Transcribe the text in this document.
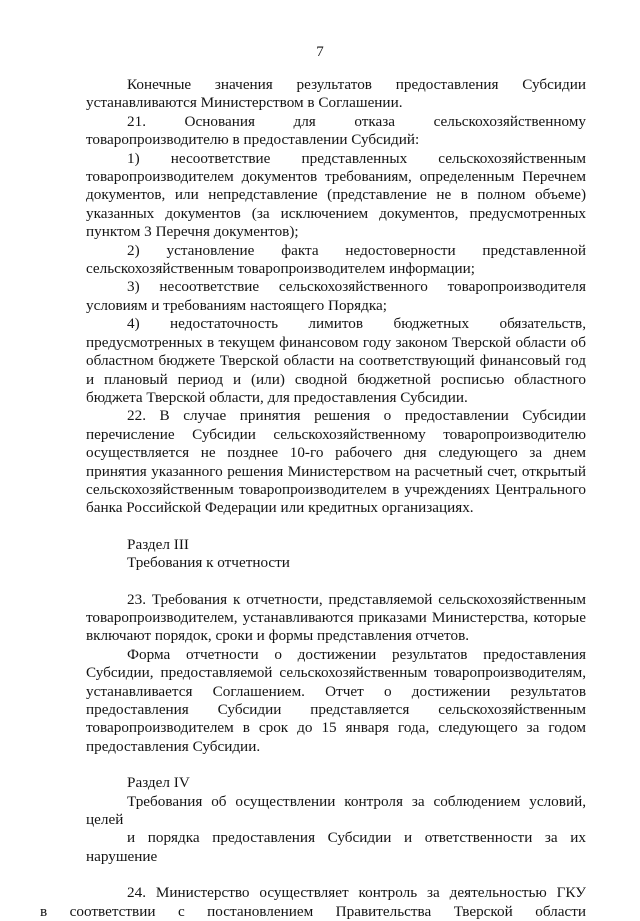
7

Конечные значения результатов предоставления Субсидии устанавливаются Министерством в Соглашении.

21. Основания для отказа сельскохозяйственному товаропроизводителю в предоставлении Субсидий:

1) несоответствие представленных сельскохозяйственным товаропроизводителем документов требованиям, определенным Перечнем документов, или непредставление (представление не в полном объеме) указанных документов (за исключением документов, предусмотренных пунктом 3 Перечня документов);

2) установление факта недостоверности представленной сельскохозяйственным товаропроизводителем информации;

3) несоответствие сельскохозяйственного товаропроизводителя условиям и требованиям настоящего Порядка;

4) недостаточность лимитов бюджетных обязательств, предусмотренных в текущем финансовом году законом Тверской области об областном бюджете Тверской области на соответствующий финансовый год и плановый период и (или) сводной бюджетной росписью областного бюджета Тверской области, для предоставления Субсидии.

22. В случае принятия решения о предоставлении Субсидии перечисление Субсидии сельскохозяйственному товаропроизводителю осуществляется не позднее 10-го рабочего дня следующего за днем принятия указанного решения Министерством на расчетный счет, открытый сельскохозяйственным товаропроизводителем в учреждениях Центрального банка Российской Федерации или кредитных организациях.

Раздел III

Требования к отчетности

23. Требования к отчетности, представляемой сельскохозяйственным товаропроизводителем, устанавливаются приказами Министерства, которые включают порядок, сроки и формы представления отчетов.

Форма отчетности о достижении результатов предоставления Субсидии, предоставляемой сельскохозяйственным товаропроизводителям, устанавливается Соглашением. Отчет о достижении результатов предоставления Субсидии представляется сельскохозяйственным товаропроизводителем в срок до 15 января года, следующего за годом предоставления Субсидии.

Раздел IV

Требования об осуществлении контроля за соблюдением условий, целей

и порядка предоставления Субсидии и ответственности за их нарушение

24. Министерство осуществляет контроль за деятельностью ГКУ

в соответствии с постановлением Правительства Тверской области
